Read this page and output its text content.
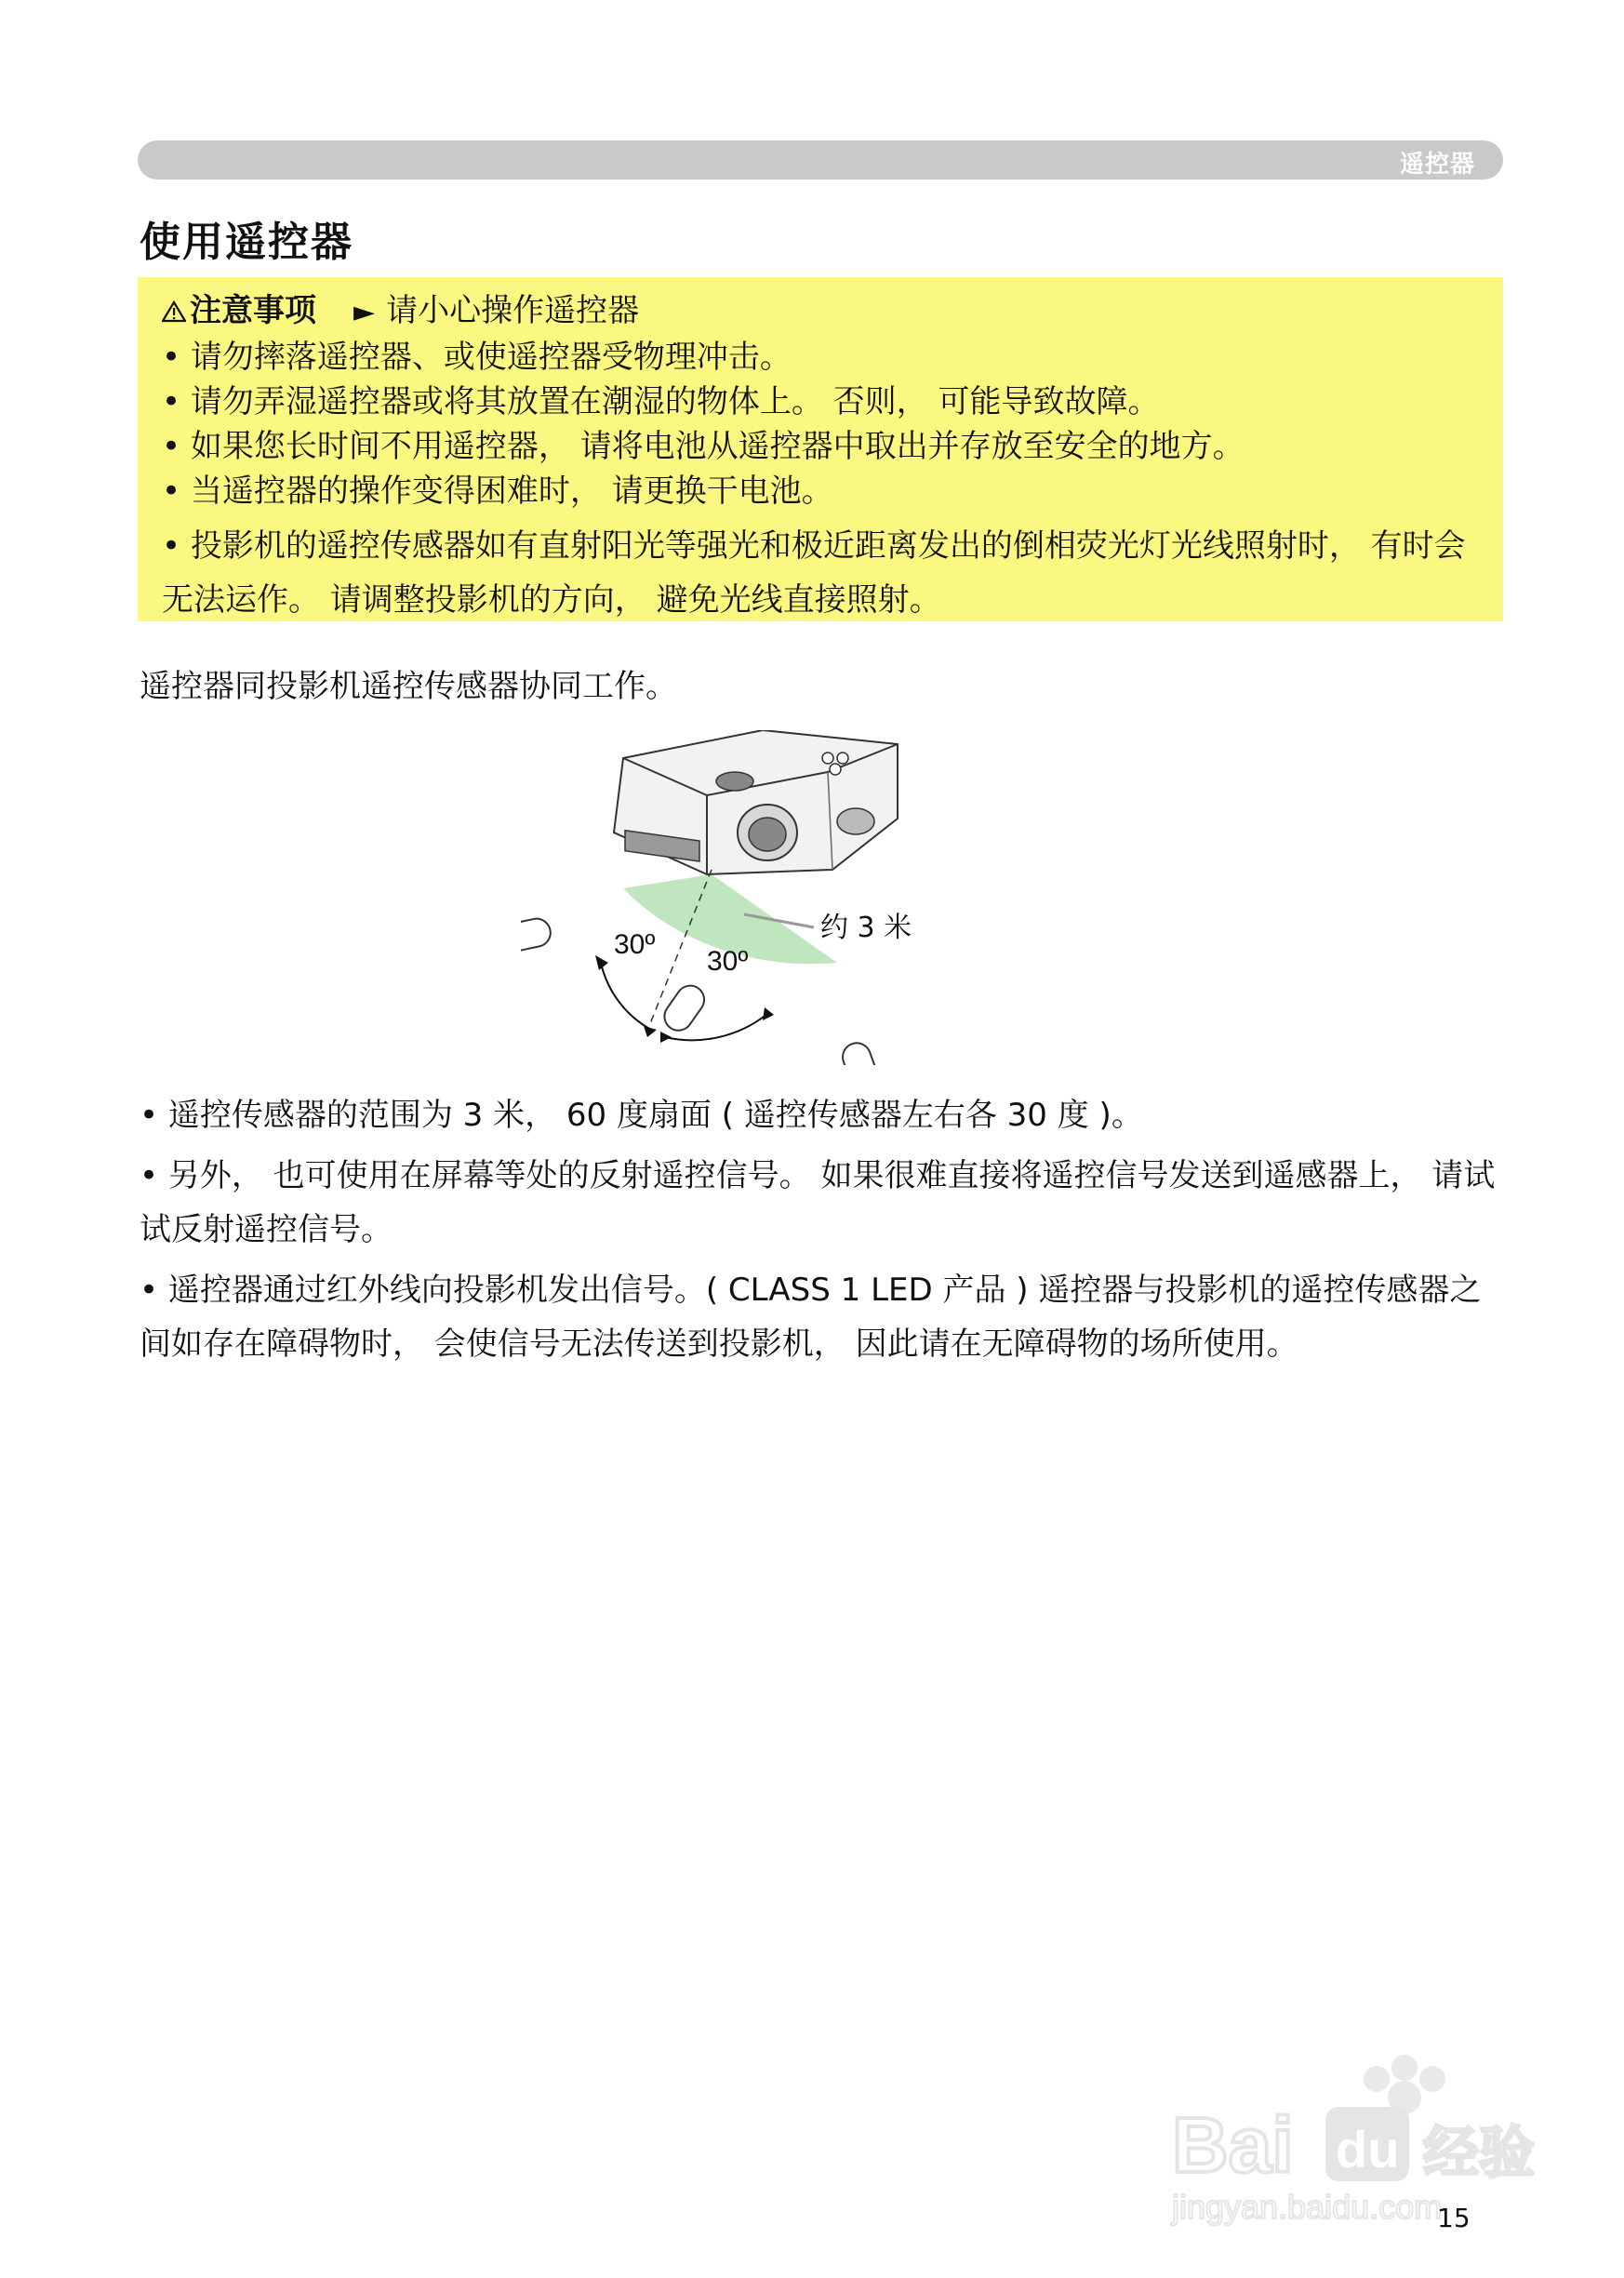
遥控器
使用遥控器
注意事项 ► 请小心操作遥控器
• 请勿摔落遥控器、或使遥控器受物理冲击。
• 请勿弄湿遥控器或将其放置在潮湿的物体上。 否则， 可能导致故障。
• 如果您长时间不用遥控器， 请将电池从遥控器中取出并存放至安全的地方。
• 当遥控器的操作变得困难时， 请更换干电池。
• 投影机的遥控传感器如有直射阳光等强光和极近距离发出的倒相荧光灯光线照射时， 有时会无法运作。 请调整投影机的方向， 避免光线直接照射。

遥控器同投影机遥控传感器协同工作。

30º
30º
约 3 米

• 遥控传感器的范围为 3 米， 60 度扇面 ( 遥控传感器左右各 30 度 )。

• 另外， 也可使用在屏幕等处的反射遥控信号。 如果很难直接将遥控信号发送到遥感器上， 请试试反射遥控信号。

• 遥控器通过红外线向投影机发出信号。( CLASS 1 LED 产品 ) 遥控器与投影机的遥控传感器之间如存在障碍物时， 会使信号无法传送到投影机， 因此请在无障碍物的场所使用。

Bai du 经验
jingyan.baidu.com
15
